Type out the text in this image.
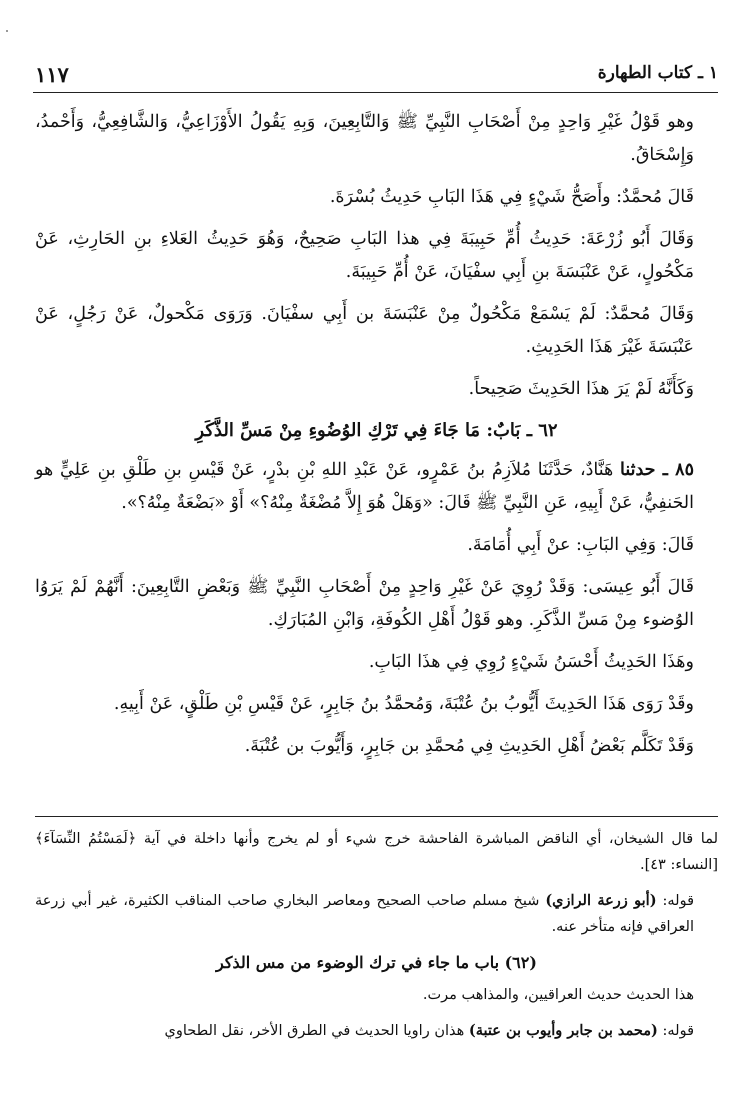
١١٧	١ ـ كتاب الطهارة

وهو قَوْلُ غَيْرِ وَاحِدٍ مِنْ أَصْحَابِ النَّبِيِّ ﷺ وَالتَّابِعِينَ، وَبِهِ يَقُولُ الأَوْزَاعِيُّ، وَالشَّافِعِيُّ، وَأَحْمدُ، وَإِسْحَاقُ.

قَالَ مُحمَّدٌ: وأَصَحُّ شَيْءٍ فِي هَذَا البَابِ حَدِيثُ بُسْرَةَ.

وَقَالَ أَبُو زُرْعَةَ: حَدِيثُ أُمِّ حَبِيبَةَ فِي هذا البَابِ صَحِيحٌ، وَهُوَ حَدِيثُ العَلاءِ بنِ الحَارِثِ، عَنْ مَكْحُولٍ، عَنْ عَنْبَسَةَ بنِ أَبِي سفْيَانَ، عَنْ أُمِّ حَبِيبَةَ.

وَقَالَ مُحمَّدٌ: لَمْ يَسْمَعْ مَكْحُولٌ مِنْ عَنْبَسَةَ بن أَبِي سفْيَانَ. وَرَوَى مَكْحولٌ، عَنْ رَجُلٍ، عَنْ عَنْبَسَةَ غَيْرَ هَذَا الحَدِيثِ.

وَكَأَنَّهُ لَمْ يَرَ هذَا الحَدِيثَ صَحِيحاً.

٦٢ ـ بَابٌ: مَا جَاءَ فِي تَرْكِ الوُضُوءِ مِنْ مَسِّ الذَّكَرِ

٨٥ ـ حدثنا هَنَّادٌ، حَدَّثَنَا مُلاَزِمُ بنُ عَمْرٍو، عَنْ عَبْدِ اللهِ بْنِ بدْرٍ، عَنْ قَيْسِ بنِ طَلْقِ بنِ عَلِيٍّ هو الحَنفِيُّ، عَنْ أَبِيهِ، عَنِ النَّبِيِّ ﷺ قَالَ: «وَهَلْ هُوَ إِلاَّ مُضْغَةٌ مِنْهُ؟» أَوْ «بَضْعَةٌ مِنْهُ؟».

قَالَ: وَفِي البَابِ: عنْ أَبِي أُمَامَةَ.

قَالَ أَبُو عِيسَى: وَقَدْ رُوِيَ عَنْ غَيْرِ وَاحِدٍ مِنْ أَصْحَابِ النَّبِيِّ ﷺ وَبَعْضِ التَّابِعِينَ: أَنَّهُمْ لَمْ يَرَوُا الوُضوء مِنْ مَسِّ الذَّكَرِ. وهو قَوْلُ أَهْلِ الكُوفَةِ، وَابْنِ المُبَارَكِ.

وهَذَا الحَدِيثُ أَحْسَنُ شَيْءٍ رُوِي فِي هذَا البَابِ.

وقَدْ رَوَى هَذَا الحَدِيثَ أَيُّوبُ بنُ عُتْبَةَ، وَمُحمَّدُ بنُ جَابِرٍ، عَنْ قَيْسِ بْنِ طَلْقٍ، عَنْ أَبِيهِ.

وَقَدْ تَكَلَّم بَعْضُ أَهْلِ الحَدِيثِ فِي مُحمَّدِ بن جَابِرٍ، وَأَيُّوبَ بن عُتْبَةَ.

لما قال الشيخان، أي الناقض المباشرة الفاحشة خرج شيء أو لم يخرج وأنها داخلة في آية ﴿لَمَسْتُمُ النِّسَآءَ﴾ [النساء: ٤٣].

قوله: (أبو زرعة الرازي) شيخ مسلم صاحب الصحيح ومعاصر البخاري صاحب المناقب الكثيرة، غير أبي زرعة العراقي فإنه متأخر عنه.

(٦٢) باب ما جاء في ترك الوضوء من مس الذكر

هذا الحديث حديث العراقيين، والمذاهب مرت.

قوله: (محمد بن جابر وأيوب بن عتبة) هذان راويا الحديث في الطرق الأخر، نقل الطحاوي
